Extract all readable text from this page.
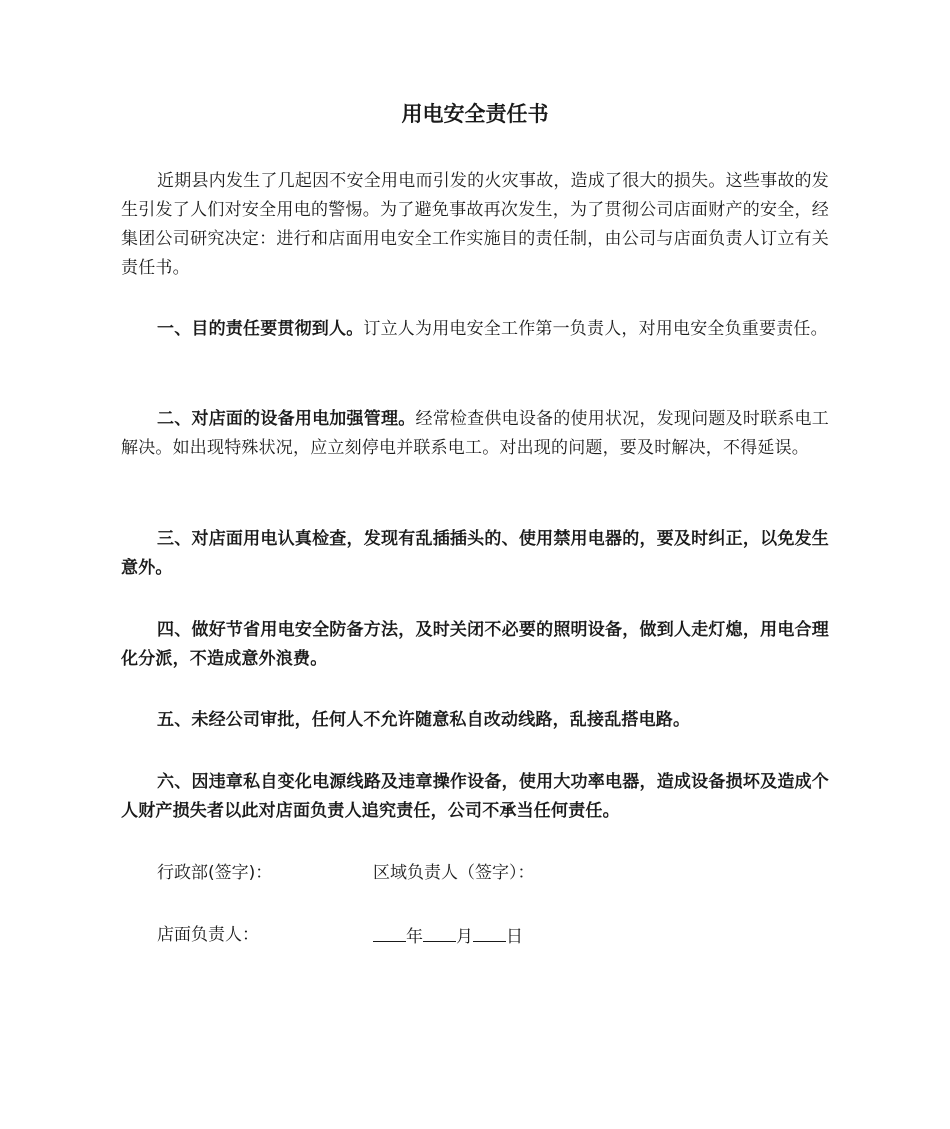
用电安全责任书

近期县内发生了几起因不安全用电而引发的火灾事故，造成了很大的损失。这些事故的发生引发了人们对安全用电的警惕。为了避免事故再次发生，为了贯彻公司店面财产的安全，经集团公司研究决定：进行和店面用电安全工作实施目的责任制，由公司与店面负责人订立有关责任书。

一、目的责任要贯彻到人。订立人为用电安全工作第一负责人，对用电安全负重要责任。

二、对店面的设备用电加强管理。经常检查供电设备的使用状况，发现问题及时联系电工解决。如出现特殊状况，应立刻停电并联系电工。对出现的问题，要及时解决，不得延误。

三、对店面用电认真检查，发现有乱插插头的、使用禁用电器的，要及时纠正，以免发生意外。

四、做好节省用电安全防备方法，及时关闭不必要的照明设备，做到人走灯熄，用电合理化分派，不造成意外浪费。

五、未经公司审批，任何人不允许随意私自改动线路，乱接乱搭电路。

六、因违章私自变化电源线路及违章操作设备，使用大功率电器，造成设备损坏及造成个人财产损失者以此对店面负责人追究责任，公司不承当任何责任。

行政部(签字)：	区域负责人（签字）：
店面负责人：	年 月 日
